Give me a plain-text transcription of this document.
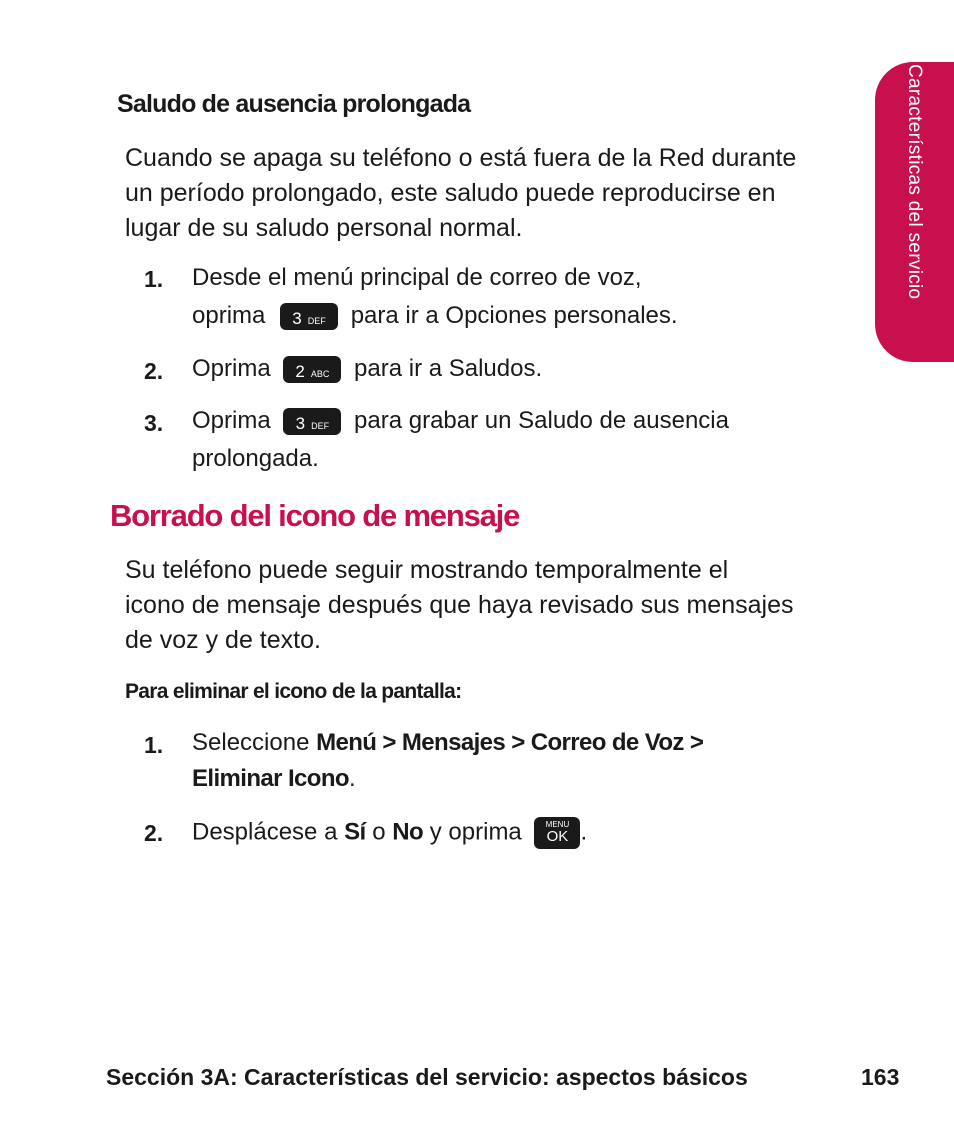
Características del servicio
Saludo de ausencia prolongada
Cuando se apaga su teléfono o está fuera de la Red durante
un período prolongado, este saludo puede reproducirse en
lugar de su saludo personal normal.
1. Desde el menú principal de correo de voz,
oprima 3 DEF para ir a Opciones personales.
2. Oprima 2 ABC para ir a Saludos.
3. Oprima 3 DEF para grabar un Saludo de ausencia
prolongada.
Borrado del icono de mensaje
Su teléfono puede seguir mostrando temporalmente el
icono de mensaje después que haya revisado sus mensajes
de voz y de texto.
Para eliminar el icono de la pantalla:
1. Seleccione Menú > Mensajes > Correo de Voz >
Eliminar Icono.
2. Desplácese a Sí o No y oprima	MENU
OK .
Sección 3A: Características del servicio: aspectos básicos	163
